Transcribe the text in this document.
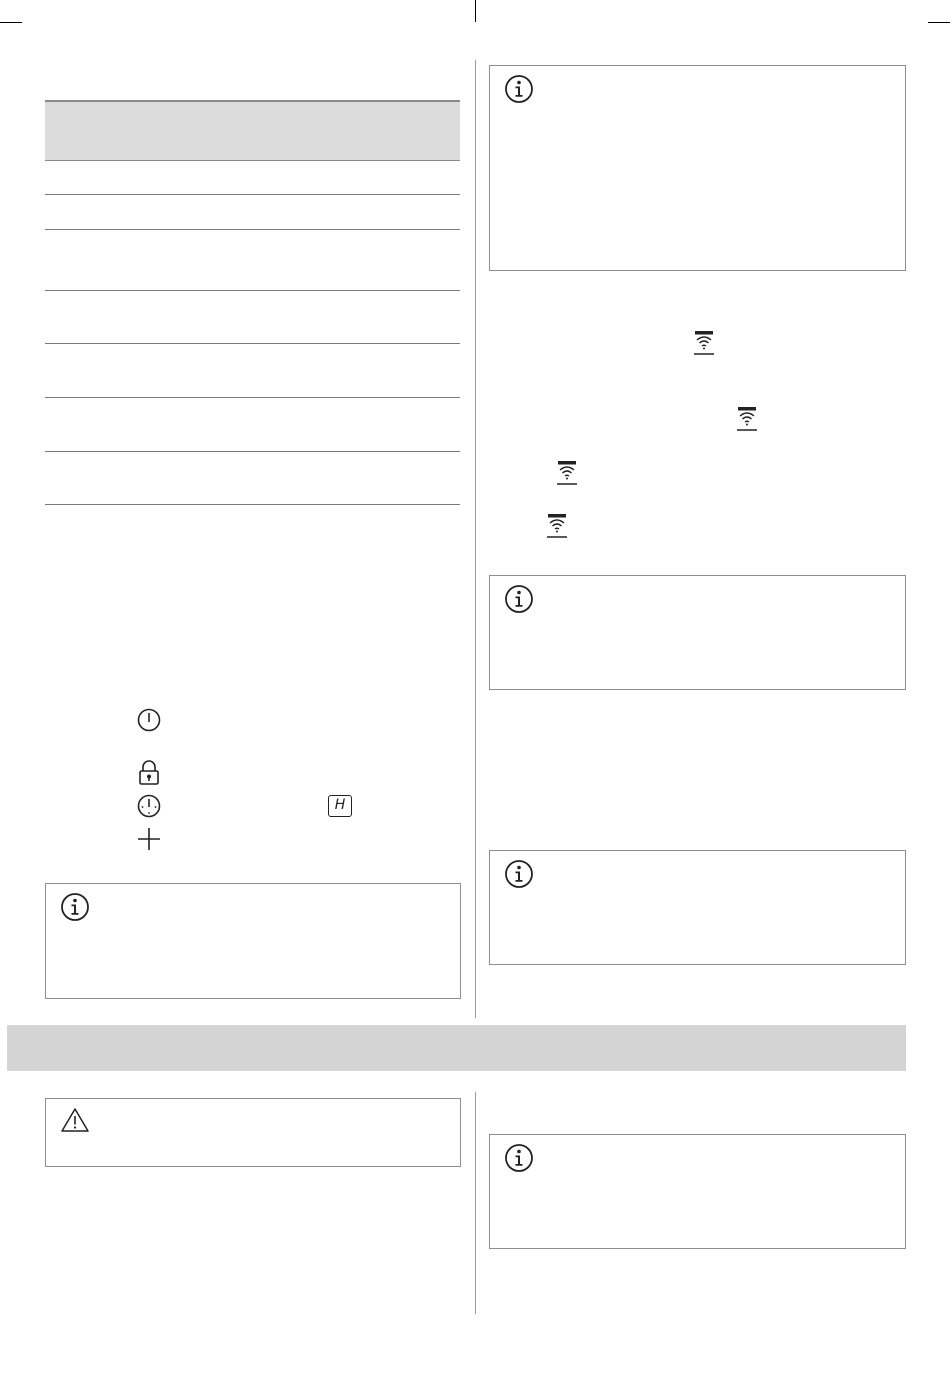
H
